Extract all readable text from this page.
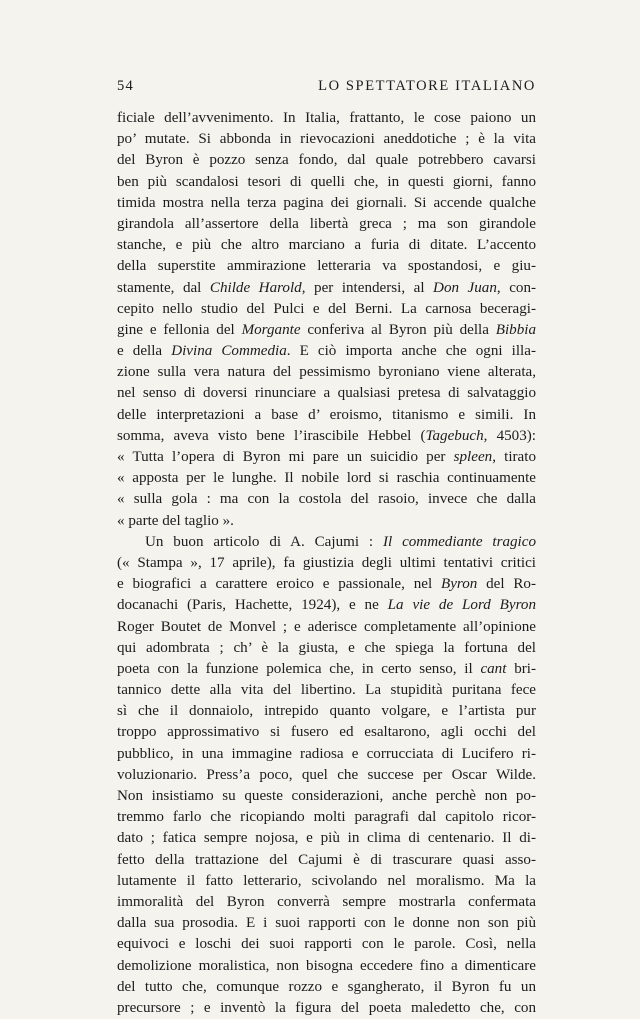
54	LO SPETTATORE ITALIANO
ficiale dell’avvenimento. In Italia, frattanto, le cose paiono un
po’ mutate. Si abbonda in rievocazioni aneddotiche ; è la vita
del Byron è pozzo senza fondo, dal quale potrebbero cavarsi
ben più scandalosi tesori di quelli che, in questi giorni, fanno
timida mostra nella terza pagina dei giornali. Si accende qualche
girandola all’assertore della libertà greca ; ma son girandole
stanche, e più che altro marciano a furia di ditate. L’accento
della superstite ammirazione letteraria va spostandosi, e giu-
stamente, dal Childe Harold, per intendersi, al Don Juan, con-
cepito nello studio del Pulci e del Berni. La carnosa beceragi-
gine e fellonia del Morgante conferiva al Byron più della Bibbia
e della Divina Commedia. E ciò importa anche che ogni illa-
zione sulla vera natura del pessimismo byroniano viene alterata,
nel senso di doversi rinunciare a qualsiasi pretesa di salvataggio
delle interpretazioni a base d’ eroismo, titanismo e simili. In
somma, aveva visto bene l’irascibile Hebbel (Tagebuch, 4503):
« Tutta l’opera di Byron mi pare un suicidio per spleen, tirato
« apposta per le lunghe. Il nobile lord si raschia continuamente
« sulla gola : ma con la costola del rasoio, invece che dalla
« parte del taglio ».
Un buon articolo di A. Cajumi : Il commediante tragico
(« Stampa », 17 aprile), fa giustizia degli ultimi tentativi critici
e biografici a carattere eroico e passionale, nel Byron del Ro-
docanachi (Paris, Hachette, 1924), e ne La vie de Lord Byron
Roger Boutet de Monvel ; e aderisce completamente all’opinione
qui adombrata ; ch’ è la giusta, e che spiega la fortuna del
poeta con la funzione polemica che, in certo senso, il cant bri-
tannico dette alla vita del libertino. La stupidità puritana fece
sì che il donnaiolo, intrepido quanto volgare, e l’artista pur
troppo approssimativo si fusero ed esaltarono, agli occhi del
pubblico, in una immagine radiosa e corrucciata di Lucifero ri-
voluzionario. Press’a poco, quel che succese per Oscar Wilde.
Non insistiamo su queste considerazioni, anche perchè non po-
tremmo farlo che ricopiando molti paragrafi dal capitolo ricor-
dato ; fatica sempre nojosa, e più in clima di centenario. Il di-
fetto della trattazione del Cajumi è di trascurare quasi asso-
lutamente il fatto letterario, scivolando nel moralismo. Ma la
immoralità del Byron converrà sempre mostrarla confermata
dalla sua prosodia. E i suoi rapporti con le donne non son più
equivoci e loschi dei suoi rapporti con le parole. Così, nella
demolizione moralistica, non bisogna eccedere fino a dimenticare
del tutto che, comunque rozzo e sgangherato, il Byron fu un
precursore ; e inventò la figura del poeta maledetto che, con
